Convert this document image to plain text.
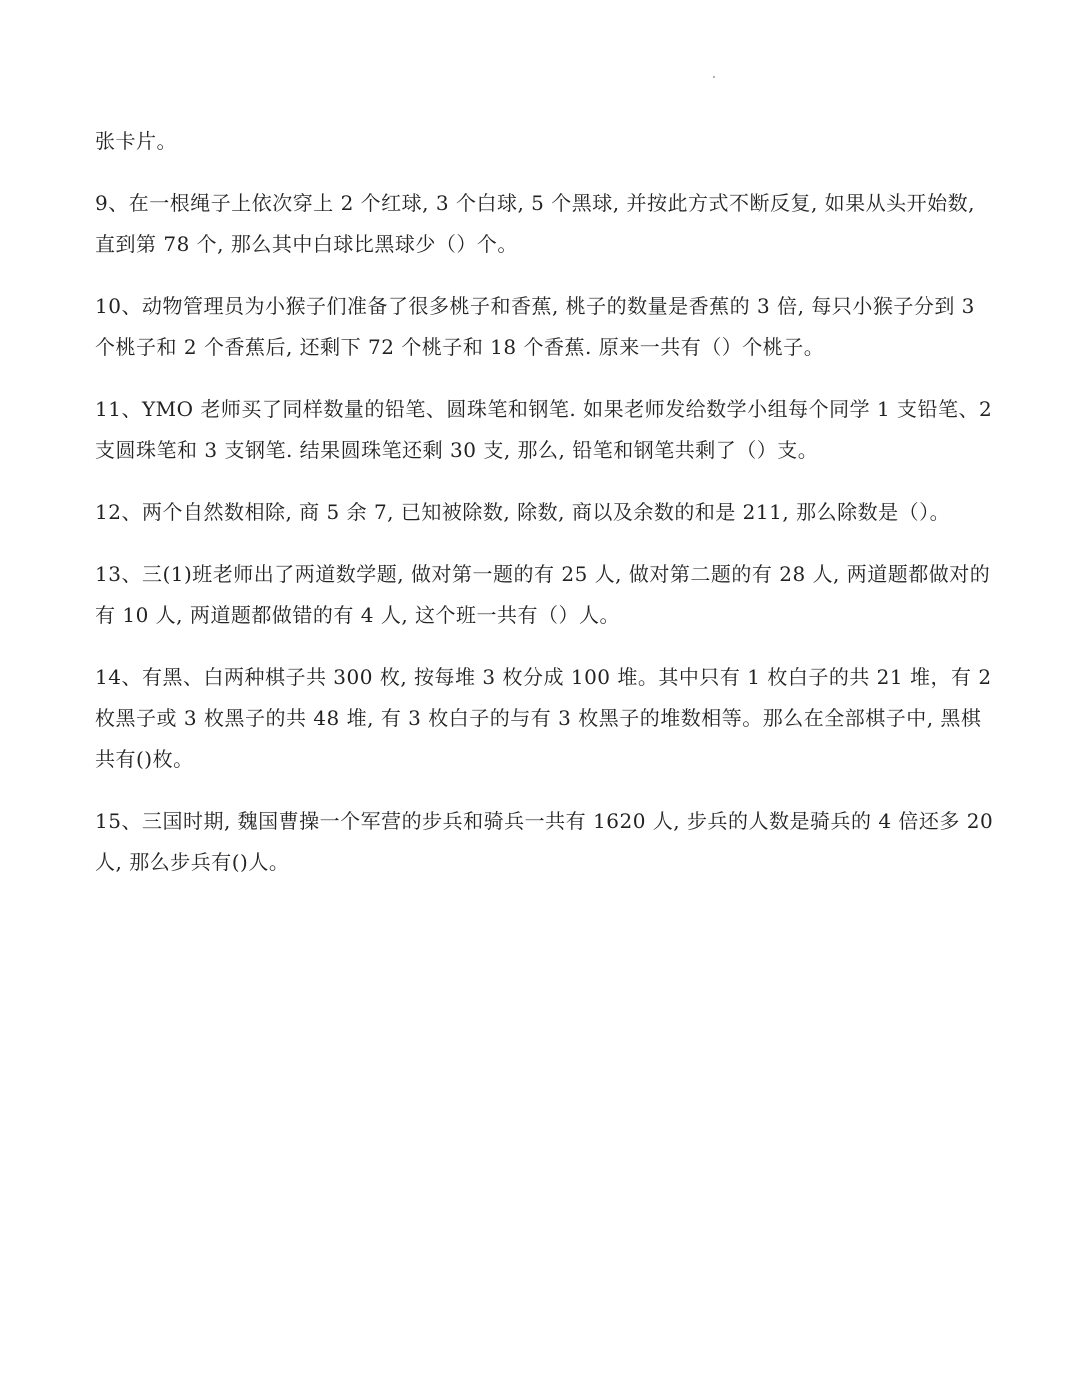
张卡片。

9、在一根绳子上依次穿上 2 个红球, 3 个白球, 5 个黑球, 并按此方式不断反复, 如果从头开始数, 直到第 78 个, 那么其中白球比黑球少（）个。

10、动物管理员为小猴子们准备了很多桃子和香蕉, 桃子的数量是香蕉的 3 倍, 每只小猴子分到 3 个桃子和 2 个香蕉后, 还剩下 72 个桃子和 18 个香蕉. 原来一共有（）个桃子。

11、YMO 老师买了同样数量的铅笔、圆珠笔和钢笔. 如果老师发给数学小组每个同学 1 支铅笔、2 支圆珠笔和 3 支钢笔. 结果圆珠笔还剩 30 支, 那么, 铅笔和钢笔共剩了（）支。

12、两个自然数相除, 商 5 余 7, 已知被除数, 除数, 商以及余数的和是 211, 那么除数是（）。

13、三(1)班老师出了两道数学题, 做对第一题的有 25 人, 做对第二题的有 28 人, 两道题都做对的有 10 人, 两道题都做错的有 4 人, 这个班一共有（）人。

14、有黑、白两种棋子共 300 枚, 按每堆 3 枚分成 100 堆。其中只有 1 枚白子的共 21 堆，有 2 枚黑子或 3 枚黑子的共 48 堆, 有 3 枚白子的与有 3 枚黑子的堆数相等。那么在全部棋子中, 黑棋共有()枚。

15、三国时期, 魏国曹操一个军营的步兵和骑兵一共有 1620 人, 步兵的人数是骑兵的 4 倍还多 20 人, 那么步兵有()人。
